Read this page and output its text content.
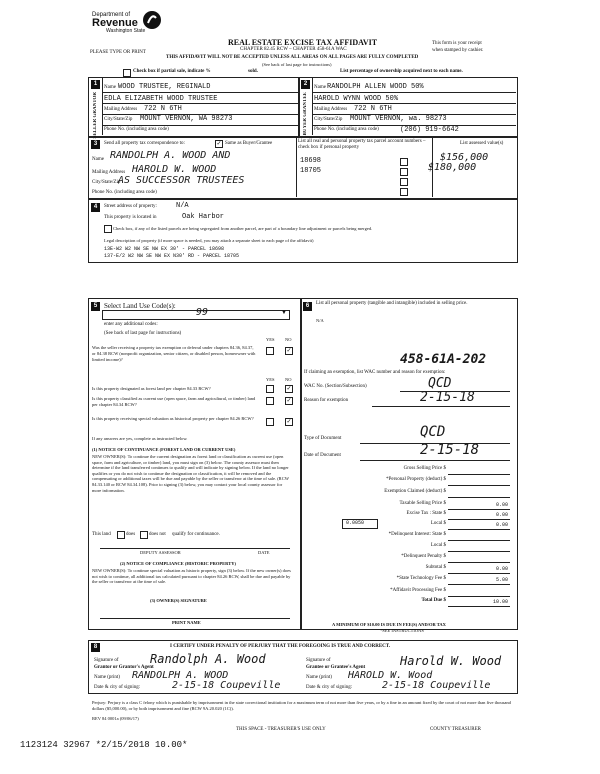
Department of
Revenue
Washington State
PLEASE TYPE OR PRINT
REAL ESTATE EXCISE TAX AFFIDAVIT
CHAPTER 82.45 RCW – CHAPTER 458-61A WAC
THIS AFFIDAVIT WILL NOT BE ACCEPTED UNLESS ALL AREAS ON ALL PAGES ARE FULLY COMPLETED
(See back of last page for instructions)
This form is your receipt
when stamped by cashier.
Check box if partial sale, indicate %	sold.	List percentage of ownership acquired next to each name.
1
SELLER GRANTOR
Name WOOD TRUSTEE, REGINALD
EDLA ELIZABETH WOOD TRUSTEE
Mailing Address 722 N 6TH
City/State/Zip MOUNT VERNON, WA 98273
Phone No. (including area code)
2
BUYER GRANTEE
Name RANDOLPH ALLEN WOOD 50%
HAROLD WYNN WOOD 50%
Mailing Address 722 N 6TH
City/State/Zip MOUNT VERNON, wa. 98273
Phone No. (including area code)	(206) 919-6642
3	Send all property tax correspondence to:	✓ Same as Buyer/Grantee
Name RANDOLPH A. WOOD AND
Mailing Address HAROLD W. WOOD
City/State/Zip
AS SUCCESSOR TRUSTEES
Phone No. (including area code)
List all real and personal property tax parcel account numbers – check box if personal property
List assessed value(s)
18698	$156,000
18705	$180,000
4	Street address of property:	N/A
This property is located in	Oak Harbor
Check box, if any of the listed parcels are being segregated from another parcel, are part of a boundary line adjustment or parcels being merged.
Legal description of property (if more space is needed, you may attach a separate sheet to each page of the affidavit)
13E-W2 W2 NW SE NW EX 30' - PARCEL 18698
137-E/2 W2 NW SE NW EX N30' RD - PARCEL 18705
5 Select Land Use Code(s):
99	▼
enter any additional codes:
(See back of last page for instructions)
YES NO
Was the seller receiving a property tax exemption or deferral under chapters 84.36, 84.37, or 84.38 RCW (nonprofit organization, senior citizen, or disabled person, homeowner with limited income)?
✓
YES NO
Is this property designated as forest land per chapter 84.33 RCW?	✓
Is this property classified as current use (open space, farm and agricultural, or timber) land per chapter 84.34 RCW?
✓
Is this property receiving special valuation as historical property per chapter 84.26 RCW?
✓
If any answers are yes, complete as instructed below.
(1) NOTICE OF CONTINUANCE (FOREST LAND OR CURRENT USE)
NEW OWNER(S): To continue the current designation as forest land or classification as current use (open space, farm and agriculture, or timber) land, you must sign on (3) below. The county assessor must then determine if the land transferred continues to qualify and will indicate by signing below. If the land no longer qualifies or you do not wish to continue the designation or classification, it will be removed and the compensating or additional taxes will be due and payable by the seller or transferor at the time of sale. (RCW 84.33.140 or RCW 84.34.108). Prior to signing (3) below, you may contact your local county assessor for more information.
This land	does	does not qualify for continuance.
DEPUTY ASSESSOR	DATE
(2) NOTICE OF COMPLIANCE (HISTORIC PROPERTY)
NEW OWNER(S): To continue special valuation as historic property, sign (3) below. If the new owner(s) does not wish to continue, all additional tax calculated pursuant to chapter 84.26 RCW, shall be due and payable by the seller or transferor at the time of sale.
(3) OWNER(S) SIGNATURE
PRINT NAME
6	List all personal property (tangible and intangible) included in selling price.
N/A
458-61A-202
If claiming an exemption, list WAC number and reason for exemption:
WAC No. (Section/Subsection)	QCD
Reason for exemption	2-15-18
Type of Document	QCD
Date of Document	2-15-18
Gross Selling Price $
*Personal Property (deduct) $
Exemption Claimed (deduct) $
Taxable Selling Price $	0.00
Excise Tax : State $	0.00
Local $	0.00
*Delinquent Interest: State $
Local $
*Delinquent Penalty $
Subtotal $	0.00
*State Technology Fee $	5.00
*Affidavit Processing Fee $
Total Due $	10.00
0.0050
A MINIMUM OF $10.00 IS DUE IN FEE(S) AND/OR TAX
*SEE INSTRUCTIONS
8	I CERTIFY UNDER PENALTY OF PERJURY THAT THE FOREGOING IS TRUE AND CORRECT.
Signature of
Grantor or Grantor's Agent
Randolph A. Wood
Name (print) RANDOLPH A. WOOD
Date & city of signing:	2-15-18 Coupeville
Signature of
Grantee or Grantee's Agent	Harold W. Wood
Name (print) HAROLD W. Wood
Date & city of signing:	2-15-18 Coupeville
Perjury: Perjury is a class C felony which is punishable by imprisonment in the state correctional institution for a maximum term of not more than five years, or by a fine in an amount fixed by the court of not more than five thousand dollars ($5,000.00), or by both imprisonment and fine (RCW 9A.20.020 (1C)).
REV 84 0001a (09/06/17)
THIS SPACE - TREASURER'S USE ONLY	COUNTY TREASURER
1123124 32967 *2/15/2018 10.00*
